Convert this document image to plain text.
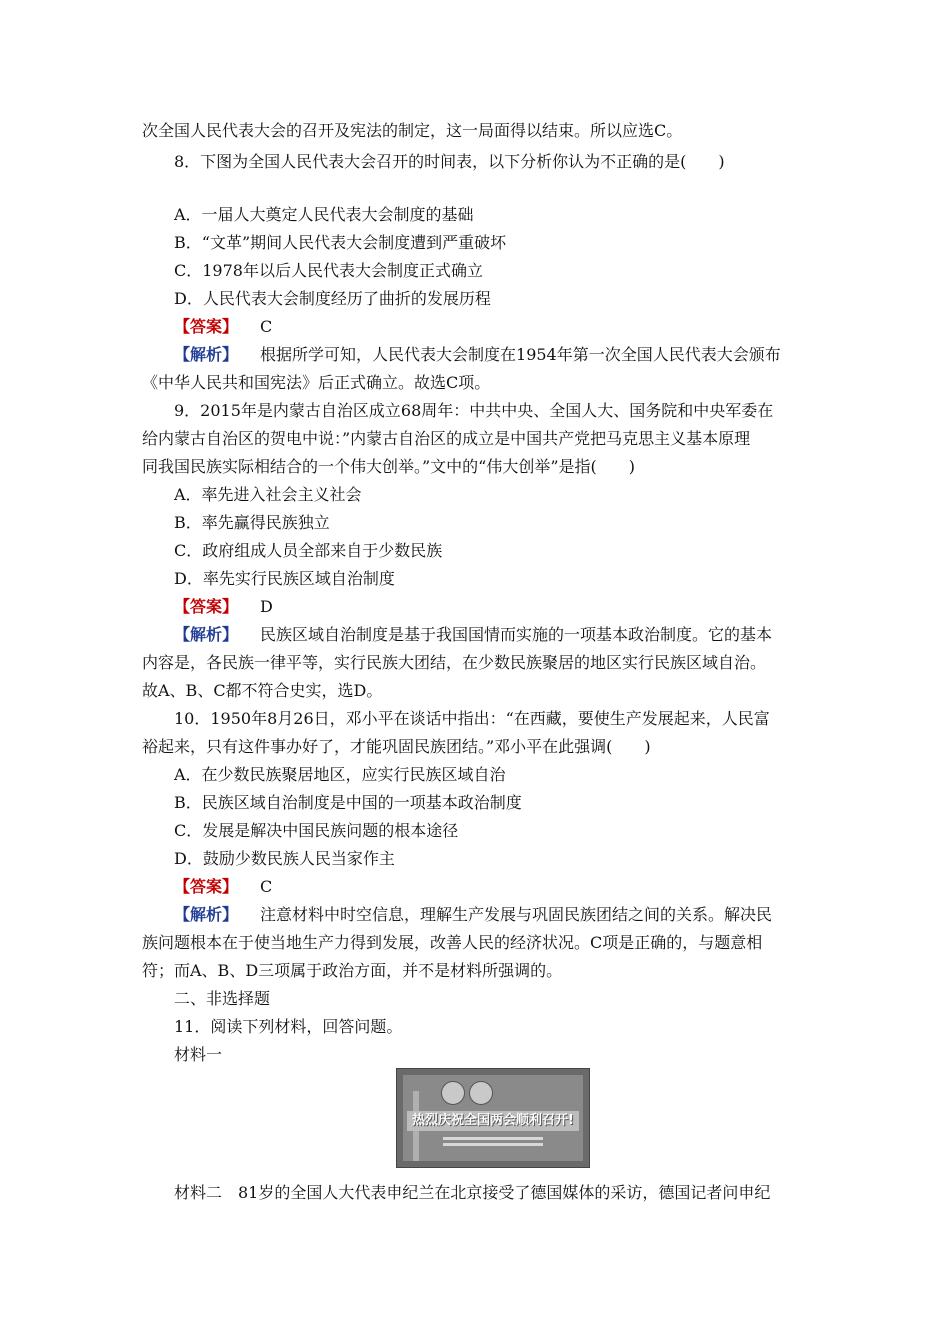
次全国人民代表大会的召开及宪法的制定，这一局面得以结束。所以应选C。
8．下图为全国人民代表大会召开的时间表，以下分析你认为不正确的是(　　)
A．一届人大奠定人民代表大会制度的基础
B．“文革”期间人民代表大会制度遭到严重破坏
C．1978年以后人民代表大会制度正式确立
D．人民代表大会制度经历了曲折的发展历程
【答案】 C
【解析】 根据所学可知，人民代表大会制度在1954年第一次全国人民代表大会颁布
《中华人民共和国宪法》后正式确立。故选C项。
9．2015年是内蒙古自治区成立68周年：中共中央、全国人大、国务院和中央军委在
给内蒙古自治区的贺电中说：”内蒙古自治区的成立是中国共产党把马克思主义基本原理
同我国民族实际相结合的一个伟大创举。”文中的“伟大创举”是指(　　)
A．率先进入社会主义社会
B．率先赢得民族独立
C．政府组成人员全部来自于少数民族
D．率先实行民族区域自治制度
【答案】 D
【解析】 民族区域自治制度是基于我国国情而实施的一项基本政治制度。它的基本
内容是，各民族一律平等，实行民族大团结，在少数民族聚居的地区实行民族区域自治。
故A、B、C都不符合史实，选D。
10．1950年8月26日，邓小平在谈话中指出：“在西藏，要使生产发展起来，人民富
裕起来，只有这件事办好了，才能巩固民族团结。”邓小平在此强调(　　)
A．在少数民族聚居地区，应实行民族区域自治
B．民族区域自治制度是中国的一项基本政治制度
C．发展是解决中国民族问题的根本途径
D．鼓励少数民族人民当家作主
【答案】 C
【解析】 注意材料中时空信息，理解生产发展与巩固民族团结之间的关系。解决民
族问题根本在于使当地生产力得到发展，改善人民的经济状况。C项是正确的，与题意相
符；而A、B、D三项属于政治方面，并不是材料所强调的。
二、非选择题
11．阅读下列材料，回答问题。
材料一
材料二　81岁的全国人大代表申纪兰在北京接受了德国媒体的采访，德国记者问申纪
热烈庆祝全国两会顺利召开!
